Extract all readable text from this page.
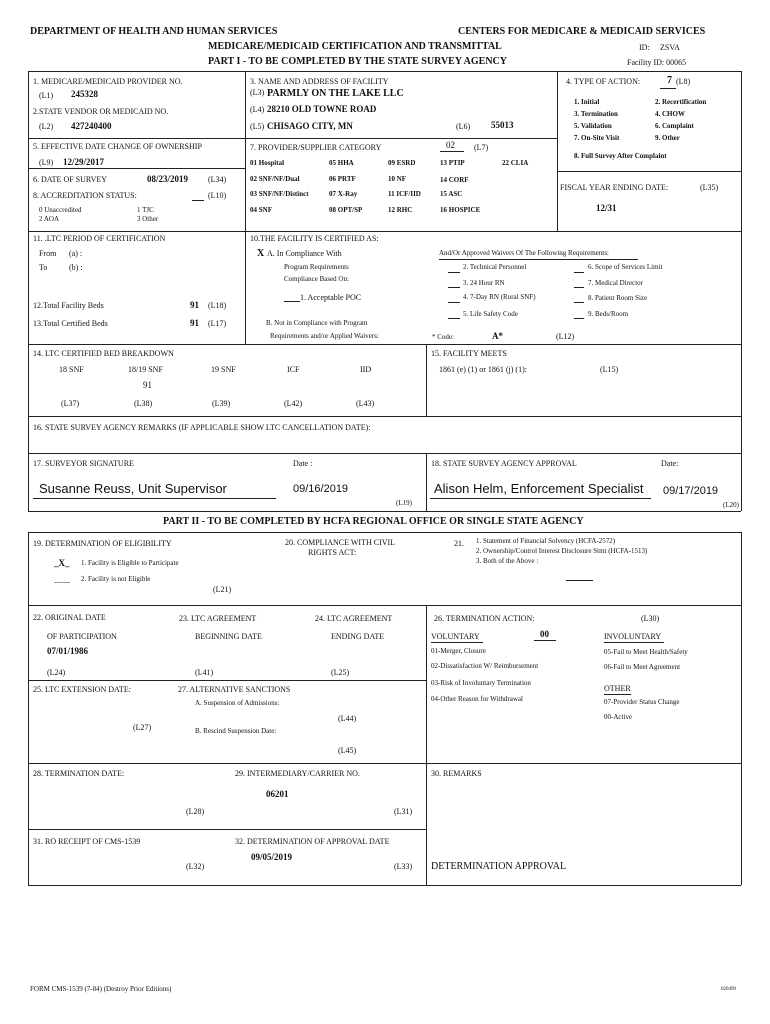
DEPARTMENT OF HEALTH AND HUMAN SERVICES	CENTERS FOR MEDICARE & MEDICAID SERVICES
MEDICARE/MEDICAID CERTIFICATION AND TRANSMITTAL	ID: ZSVA
PART I - TO BE COMPLETED BY THE STATE SURVEY AGENCY	Facility ID: 00065
1. MEDICARE/MEDICAID PROVIDER NO.
(L1) 245328
2.STATE VENDOR OR MEDICAID NO.
(L2) 427240400
3. NAME AND ADDRESS OF FACILITY
(L3) PARMLY ON THE LAKE LLC
(L4) 28210 OLD TOWNE ROAD
(L5) CHISAGO CITY, MN	(L6) 55013
4. TYPE OF ACTION:	7 (L8)
1. Initial	2. Recertification
3. Termination	4. CHOW
5. Validation	6. Complaint
7. On-Site Visit	9. Other
8. Full Survey After Complaint
5. EFFECTIVE DATE CHANGE OF OWNERSHIP
(L9) 12/29/2017
6. DATE OF SURVEY	08/23/2019 (L34)
8. ACCREDITATION STATUS:	(L10)
0 Unaccredited	1 TJC
2 AOA	3 Other
7. PROVIDER/SUPPLIER CATEGORY	02 (L7)
01 Hospital	05 HHA	09 ESRD	13 PTIP	22 CLIA
02 SNF/NF/Dual	06 PRTF	10 NF	14 CORF
03 SNF/NF/Distinct	07 X-Ray	11 ICF/IID	15 ASC
04 SNF	08 OPT/SP	12 RHC	16 HOSPICE
FISCAL YEAR ENDING DATE:	(L35)
12/31
11. .LTC PERIOD OF CERTIFICATION
From (a) :
To	(b) :
12.Total Facility Beds	91 (L18)
13.Total Certified Beds	91 (L17)
10.THE FACILITY IS CERTIFIED AS:
X A. In Compliance With
Program Requirements
Compliance Based On:
1. Acceptable POC
B. Not in Compliance with Program
Requirements and/or Applied Waivers:	* Code:	A*	(L12)
And/Or Approved Waivers Of The Following Requirements:
2. Technical Personnel	6. Scope of Services Limit
3. 24 Hour RN	7. Medical Director
4. 7-Day RN (Rural SNF)	8. Patient Room Size
5. Life Safety Code	9. Beds/Room
14. LTC CERTIFIED BED BREAKDOWN
18 SNF	18/19 SNF	19 SNF	ICF	IID
91
(L37)	(L38)	(L39)	(L42)	(L43)
15. FACILITY MEETS
1861 (e) (1) or 1861 (j) (1):	(L15)
16. STATE SURVEY AGENCY REMARKS (IF APPLICABLE SHOW LTC CANCELLATION DATE):
17. SURVEYOR SIGNATURE	Date :
Susanne Reuss, Unit Supervisor	09/16/2019
(L19)
18. STATE SURVEY AGENCY APPROVAL	Date:
Alison Helm, Enforcement Specialist 09/17/2019
(L20)
PART II - TO BE COMPLETED BY HCFA REGIONAL OFFICE OR SINGLE STATE AGENCY
19. DETERMINATION OF ELIGIBILITY
_X_ 1. Facility is Eligible to Participate
____ 2. Facility is not Eligible
(L21)
20. COMPLIANCE WITH CIVIL
RIGHTS ACT:
21. 1. Statement of Financial Solvency (HCFA-2572)
2. Ownership/Control Interest Disclosure Stmt (HCFA-1513)
3. Both of the Above :
22. ORIGINAL DATE
OF PARTICIPATION
07/01/1986
(L24)
23. LTC AGREEMENT
BEGINNING DATE
(L41)
24. LTC AGREEMENT
ENDING DATE
(L25)
26. TERMINATION ACTION:	(L30)
VOLUNTARY	00	INVOLUNTARY
01-Merger, Closure
02-Dissatisfaction W/ Reimbursement
03-Risk of Involuntary Termination
04-Other Reason for Withdrawal
05-Fail to Meet Health/Safety
06-Fail to Meet Agreement
OTHER
07-Provider Status Change
00-Active
25. LTC EXTENSION DATE:
(L27)
27. ALTERNATIVE SANCTIONS
A. Suspension of Admissions:
(L44)
B. Rescind Suspension Date:
(L45)
28. TERMINATION DATE:	29. INTERMEDIARY/CARRIER NO.
06201
(L28)	(L31)
30. REMARKS
31. RO RECEIPT OF CMS-1539	32. DETERMINATION OF APPROVAL DATE
09/05/2019
(L32)	(L33) DETERMINATION APPROVAL
FORM CMS-1539 (7-84) (Destroy Prior Editions)	020499
